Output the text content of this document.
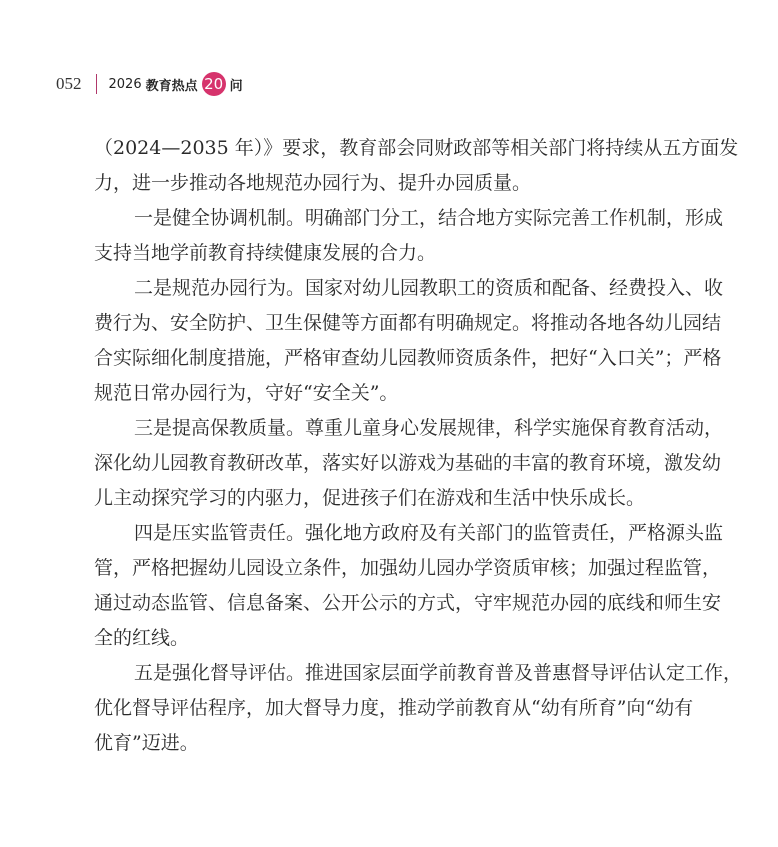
052 2026 教育热点 20 问
（2024—2035 年）》要求，教育部会同财政部等相关部门将持续从五方面发
力，进一步推动各地规范办园行为、提升办园质量。
一是健全协调机制。明确部门分工，结合地方实际完善工作机制，形成
支持当地学前教育持续健康发展的合力。
二是规范办园行为。国家对幼儿园教职工的资质和配备、经费投入、收
费行为、安全防护、卫生保健等方面都有明确规定。将推动各地各幼儿园结
合实际细化制度措施，严格审查幼儿园教师资质条件，把好“入口关”；严格
规范日常办园行为，守好“安全关”。
三是提高保教质量。尊重儿童身心发展规律，科学实施保育教育活动，
深化幼儿园教育教研改革，落实好以游戏为基础的丰富的教育环境，激发幼
儿主动探究学习的内驱力，促进孩子们在游戏和生活中快乐成长。
四是压实监管责任。强化地方政府及有关部门的监管责任，严格源头监
管，严格把握幼儿园设立条件，加强幼儿园办学资质审核；加强过程监管，
通过动态监管、信息备案、公开公示的方式，守牢规范办园的底线和师生安
全的红线。
五是强化督导评估。推进国家层面学前教育普及普惠督导评估认定工作，
优化督导评估程序，加大督导力度，推动学前教育从“幼有所育”向“幼有
优育”迈进。
